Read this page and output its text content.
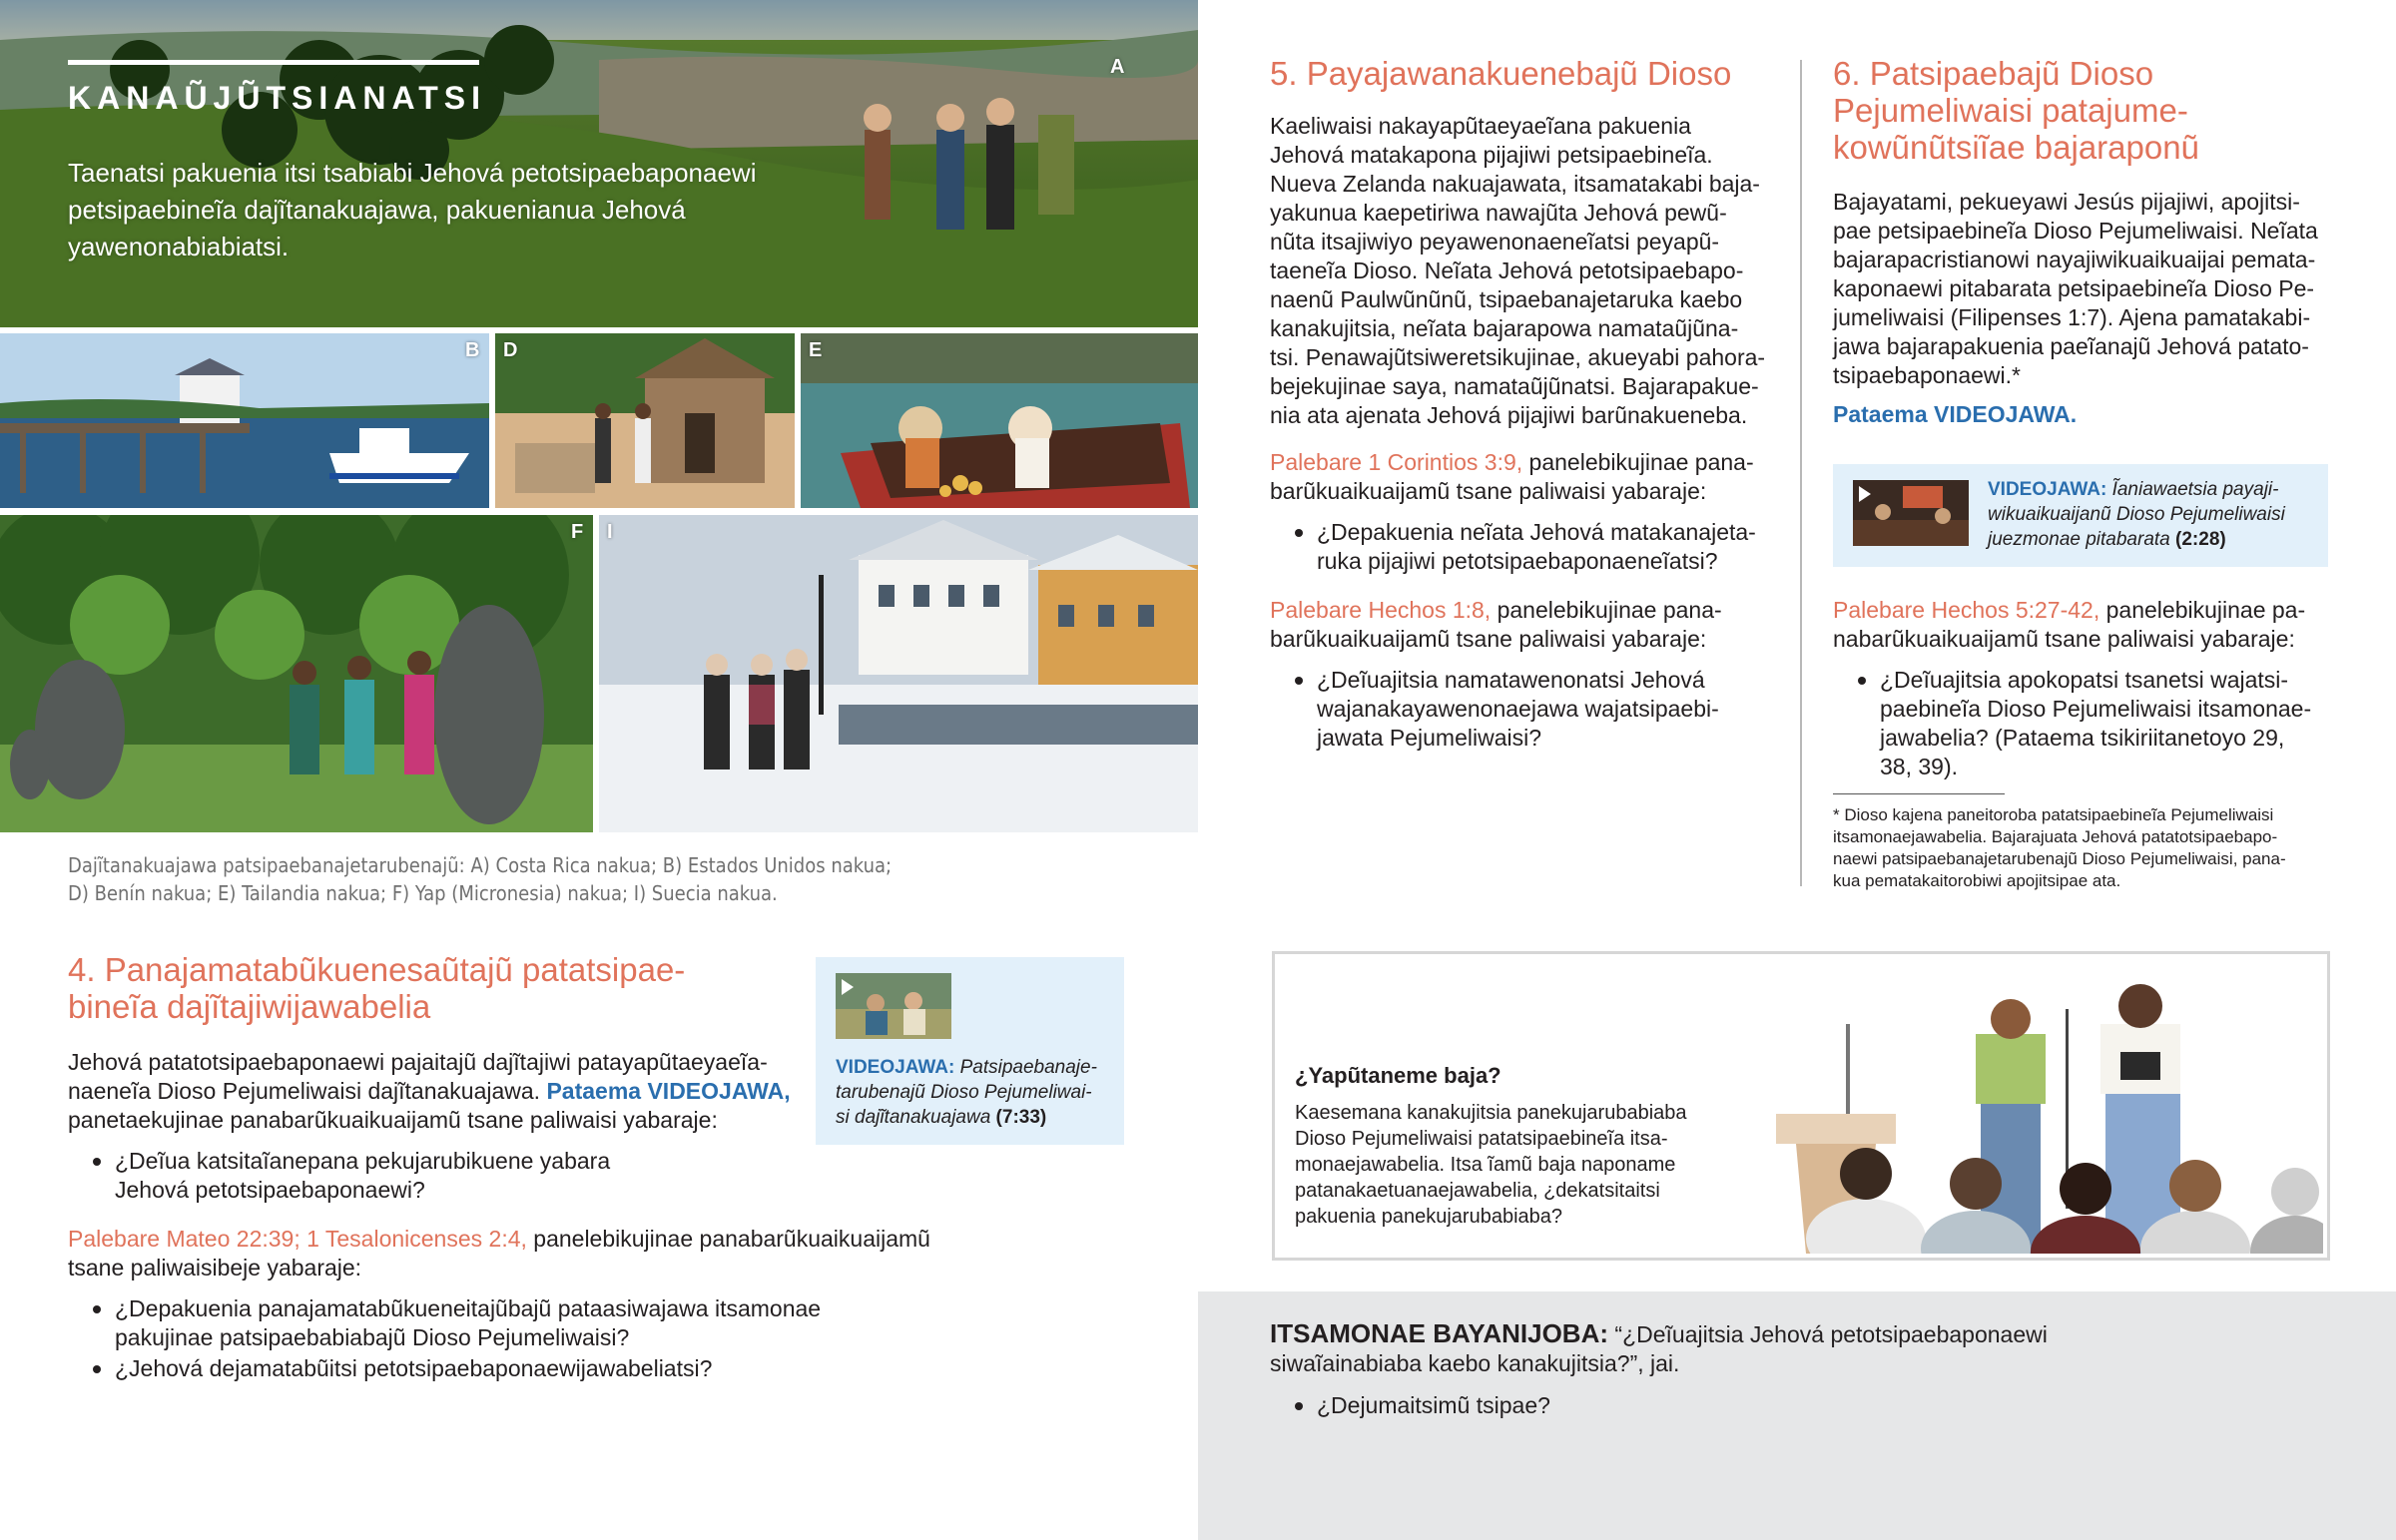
KANAŨJŨTSIANATSI
Taenatsi pakuenia itsi tsabiabi Jehová petotsipaebaponaewi petsipaebineĩa dajĩtanakuajawa, pakuenianua Jehová yawenonabiabiatsi.
A
B D	E
F I
Dajĩtanakuajawa patsipaebanajetarubenajũ: A) Costa Rica nakua; B) Estados Unidos nakua;
D) Benín nakua; E) Tailandia nakua; F) Yap (Micronesia) nakua; I) Suecia nakua.
4. Panajamatabũkuenesaũtajũ patatsipae-
bineĩa dajĩtajiwijawabelia
Jehová patatotsipaebaponaewi pajaitajũ dajĩtajiwi patayapũtaeyaeĩa-
naeneĩa Dioso Pejumeliwaisi dajĩtanakuajawa. Pataema VIDEOJAWA,
panetaekujinae panabarũkuaikuaijamũ tsane paliwaisi yabaraje:
¿Deĩua katsitaĩanepana pekujarubikuene yabara
Jehová petotsipaebaponaewi?
Palebare Mateo 22:39; 1 Tesalonicenses 2:4, panelebikujinae panabarũkuaikuaijamũ
tsane paliwaisibeje yabaraje:
¿Depakuenia panajamatabũkueneitajũbajũ pataasiwajawa itsamonae
pakujinae patsipaebabiabajũ Dioso Pejumeliwaisi?
¿Jehová dejamatabũitsi petotsipaebaponaewijawabeliatsi?
VIDEOJAWA: Patsipaebanaje-
tarubenajũ Dioso Pejumeliwai-
si dajĩtanakuajawa (7:33)
5. Payajawanakuenebajũ Dioso
Kaeliwaisi nakayapũtaeyaeĩana pakuenia
Jehová matakapona pijajiwi petsipaebineĩa.
Nueva Zelanda nakuajawata, itsamatakabi baja-
yakunua kaepetiriwa nawajũta Jehová pewũ-
nũta itsajiwiyo peyawenonaeneĩatsi peyapũ-
taeneĩa Dioso. Neĩata Jehová petotsipaebapo-
naenũ Paulwũnũnũ, tsipaebanajetaruka kaebo
kanakujitsia, neĩata bajarapowa namataũjũna-
tsi. Penawajũtsiweretsikujinae, akueyabi pahora-
bejekujinae saya, namataũjũnatsi. Bajarapakue-
nia ata ajenata Jehová pijajiwi barũnakueneba.
Palebare 1 Corintios 3:9, panelebikujinae pana-
barũkuaikuaijamũ tsane paliwaisi yabaraje:
¿Depakuenia neĩata Jehová matakanajeta-
ruka pijajiwi petotsipaebaponaeneĩatsi?
Palebare Hechos 1:8, panelebikujinae pana-
barũkuaikuaijamũ tsane paliwaisi yabaraje:
¿Deĩuajitsia namatawenonatsi Jehová
wajanakayawenonaejawa wajatsipaebi-
jawata Pejumeliwaisi?
6. Patsipaebajũ Dioso
Pejumeliwaisi patajume-
kowũnũtsiĩae bajaraponũ
Bajayatami, pekueyawi Jesús pijajiwi, apojitsi-
pae petsipaebineĩa Dioso Pejumeliwaisi. Neĩata
bajarapacristianowi nayajiwikuaikuaijai pemata-
kaponaewi pitabarata petsipaebineĩa Dioso Pe-
jumeliwaisi (Filipenses 1:7). Ajena pamatakabi-
jawa bajarapakuenia paeĩanajũ Jehová patato-
tsipaebaponaewi.*
Pataema VIDEOJAWA.
VIDEOJAWA: Ĩaniawaetsia payaji-
wikuaikuaijanũ Dioso Pejumeliwaisi
juezmonae pitabarata (2:28)
Palebare Hechos 5:27-42, panelebikujinae pa-
nabarũkuaikuaijamũ tsane paliwaisi yabaraje:
¿Deĩuajitsia apokopatsi tsanetsi wajatsi-
paebineĩa Dioso Pejumeliwaisi itsamonae-
jawabelia? (Pataema tsikiriitanetoyo 29,
38, 39).
* Dioso kajena paneitoroba patatsipaebineĩa Pejumeliwaisi
itsamonaejawabelia. Bajarajuata Jehová patatotsipaebapo-
naewi patsipaebanajetarubenajũ Dioso Pejumeliwaisi, pana-
kua pematakaitorobiwi apojitsipae ata.
¿Yapũtaneme baja?
Kaesemana kanakujitsia panekujarubabiaba
Dioso Pejumeliwaisi patatsipaebineĩa itsa-
monaejawabelia. Itsa ĩamũ baja naponame
patanakaetuanaejawabelia, ¿dekatsitaitsi
pakuenia panekujarubabiaba?
ITSAMONAE BAYANIJOBA: “¿Deĩuajitsia Jehová petotsipaebaponaewi
siwaĩainabiaba kaebo kanakujitsia?”, jai.
¿Dejumaitsimũ tsipae?
